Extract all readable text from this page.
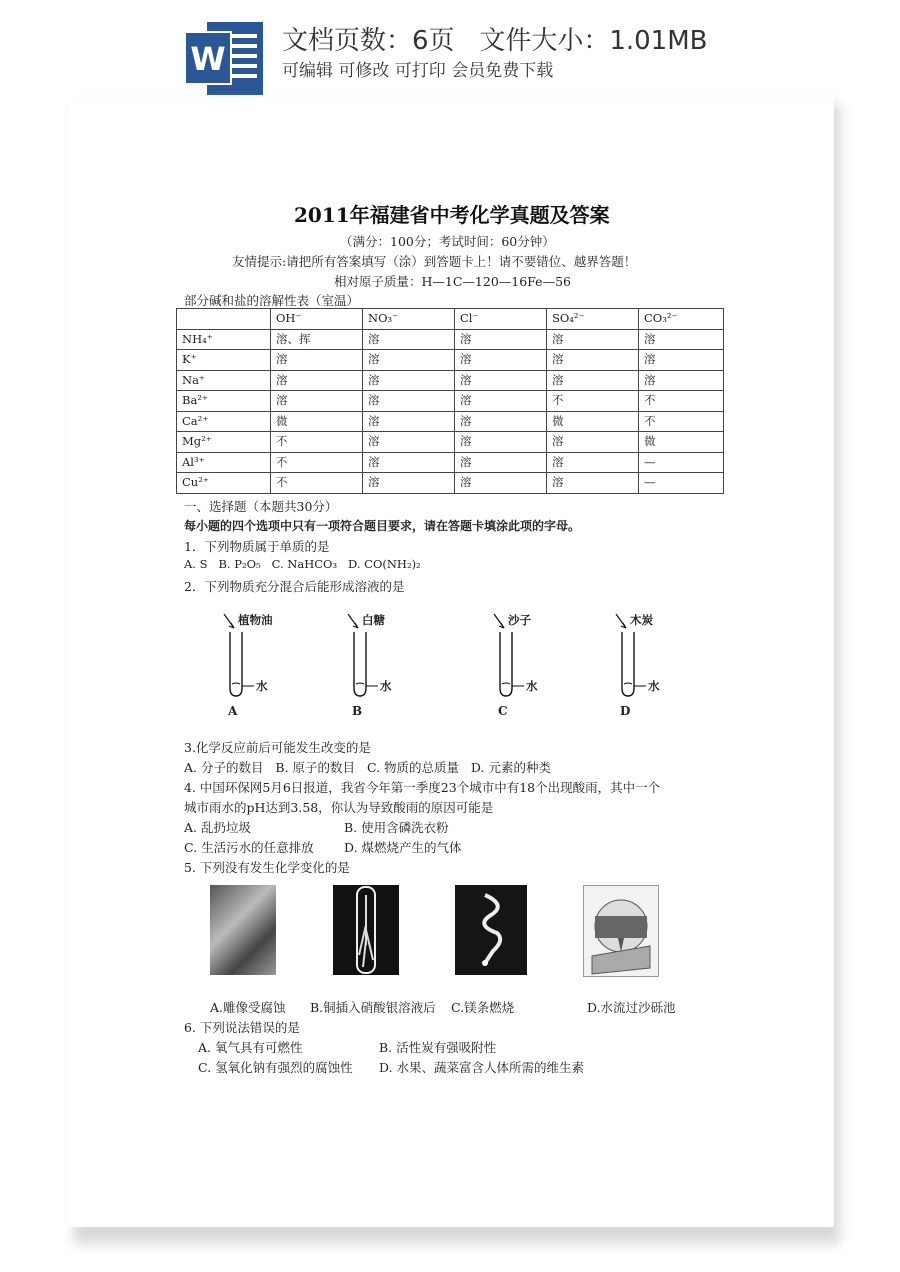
W 文档页数：6页   文件大小：1.01MB
可编辑 可修改 可打印 会员免费下载
2011年福建省中考化学真题及答案
（满分：100分；考试时间：60分钟）
友情提示:请把所有答案填写（涂）到答题卡上！请不要错位、越界答题！
相对原子质量：H—1C—120—16Fe—56
部分碱和盐的溶解性表（室温）
	OH⁻	NO₃⁻	Cl⁻	SO₄²⁻	CO₃²⁻
NH₄⁺	溶、挥	溶	溶	溶	溶
K⁺	溶	溶	溶	溶	溶
Na⁺	溶	溶	溶	溶	溶
Ba²⁺	溶	溶	溶	不	不
Ca²⁺	微	溶	溶	微	不
Mg²⁺	不	溶	溶	溶	微
Al³⁺	不	溶	溶	溶	—
Cu²⁺	不	溶	溶	溶	—
一、选择题（本题共30分）
每小题的四个选项中只有一项符合题目要求，请在答题卡填涂此项的字母。
1．下列物质属于单质的是
A. S   B. P₂O₅   C. NaHCO₃   D. CO(NH₂)₂
2．下列物质充分混合后能形成溶液的是
植物油
水
A
白糖
水
B
沙子
水
C
木炭
水
D
3.化学反应前后可能发生改变的是
A. 分子的数目   B. 原子的数目   C. 物质的总质量   D. 元素的种类
4. 中国环保网5月6日报道，我省今年第一季度23个城市中有18个出现酸雨，其中一个
城市雨水的pH达到3.58，你认为导致酸雨的原因可能是
A. 乱扔垃圾	B. 使用含磷洗衣粉
C. 生活污水的任意排放 D. 煤燃烧产生的气体
5. 下列没有发生化学变化的是
A.雕像受腐蚀 B.铜插入硝酸银溶液后 C.镁条燃烧	D.水流过沙砾池
6. 下列说法错误的是
A. 氧气具有可燃性	B. 活性炭有强吸附性
C. 氢氧化钠有强烈的腐蚀性 D. 水果、蔬菜富含人体所需的维生素
